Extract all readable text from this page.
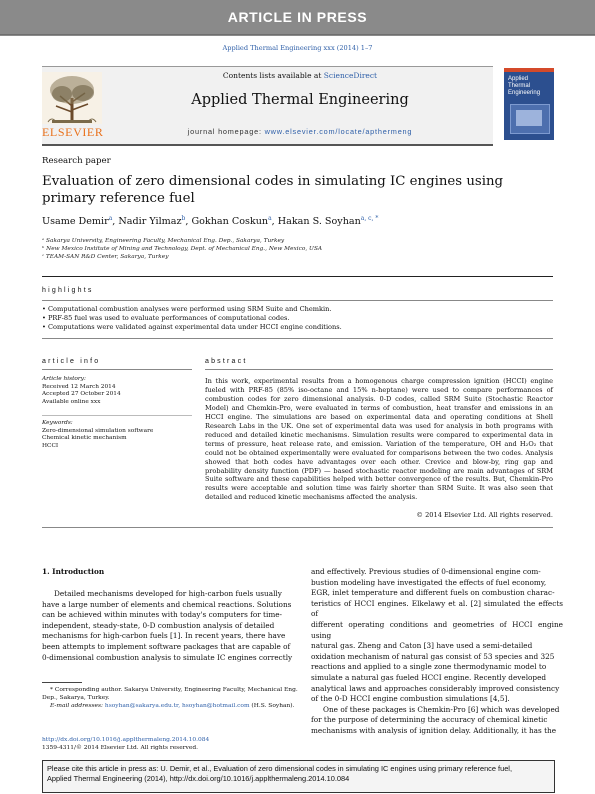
ARTICLE IN PRESS
Applied Thermal Engineering xxx (2014) 1–7
ELSEVIER
Contents lists available at ScienceDirect
Applied Thermal Engineering
journal homepage: www.elsevier.com/locate/apthermeng
Applied Thermal Engineering
Research paper
Evaluation of zero dimensional codes in simulating IC engines using
primary reference fuel
Usame Demir$^a$, Nadir Yilmaz$^b$, Gokhan Coskun$^a$, Hakan S. Soyhan$^{a, c, *}$
ᵃ Sakarya University, Engineering Faculty, Mechanical Eng. Dep., Sakarya, Turkey
ᵇ New Mexico Institute of Mining and Technology, Dept. of Mechanical Eng., New Mexico, USA
ᶜ TEAM-SAN R&D Center, Sakarya, Turkey
highlights
• Computational combustion analyses were performed using SRM Suite and Chemkin.
• PRF-85 fuel was used to evaluate performances of computational codes.
• Computations were validated against experimental data under HCCI engine conditions.
article info
Article history:
Received 12 March 2014
Accepted 27 October 2014
Available online xxx
Keywords:
Zero-dimensional simulation software
Chemical kinetic mechanism
HCCI
abstract
In this work, experimental results from a homogenous charge compression ignition (HCCI) engine fueled with PRF-85 (85% iso-octane and 15% n-heptane) were used to compare performances of combustion codes for zero dimensional analysis. 0-D codes, called SRM Suite (Stochastic Reactor Model) and Chemkin-Pro, were evaluated in terms of combustion, heat transfer and emissions in an HCCI engine. The simulations are based on experimental data and operating conditions at Shell Research Labs in the UK. One set of experimental data was used for analysis in both programs with reduced and detailed kinetic mechanisms. Simulation results were compared to experimental data in terms of pressure, heat release rate, and emission. Variation of the temperature, OH and H₂O₂ that could not be obtained experimentally were evaluated for comparisons between the two codes. Analysis showed that both codes have advantages over each other. Crevice and blow-by, ring gap and probability density function (PDF) — based stochastic reactor modeling are main advantages of SRM Suite software and these capabilities helped with better convergence of the results. But, Chemkin-Pro results were acceptable and solution time was fairly shorter than SRM Suite. It was also seen that detailed and reduced kinetic mechanisms affected the analysis.
© 2014 Elsevier Ltd. All rights reserved.
1. Introduction
Detailed mechanisms developed for high-carbon fuels usually
have a large number of elements and chemical reactions. Solutions
can be achieved within minutes with today's computers for time-
independent, steady-state, 0-D combustion analysis of detailed
mechanisms for high-carbon fuels [1]. In recent years, there have
been attempts to implement software packages that are capable of
0-dimensional combustion analysis to simulate IC engines correctly
and effectively. Previous studies of 0-dimensional engine com-
bustion modeling have investigated the effects of fuel economy,
EGR, inlet temperature and different fuels on combustion charac-
teristics of HCCI engines. Elkelawy et al. [2] simulated the effects of
different operating conditions and geometries of HCCI engine using
natural gas. Zheng and Caton [3] have used a semi-detailed
oxidation mechanism of natural gas consist of 53 species and 325
reactions and applied to a single zone thermodynamic model to
simulate a natural gas fueled HCCI engine. Recently developed
analytical laws and approaches considerably improved consistency
of the 0-D HCCI engine combustion simulations [4,5].
One of these packages is Chemkin-Pro [6] which was developed
for the purpose of determining the accuracy of chemical kinetic
mechanisms with analysis of ignition delay. Additionally, it has the
* Corresponding author. Sakarya University, Engineering Faculty, Mechanical Eng. Dep., Sakarya, Turkey.
E-mail addresses: hsoyhan@sakarya.edu.tr, hsoyhan@hotmail.com (H.S. Soyhan).
http://dx.doi.org/10.1016/j.applthermaleng.2014.10.084
1359-4311/© 2014 Elsevier Ltd. All rights reserved.
Please cite this article in press as: U. Demir, et al., Evaluation of zero dimensional codes in simulating IC engines using primary reference fuel,
Applied Thermal Engineering (2014), http://dx.doi.org/10.1016/j.applthermaleng.2014.10.084
